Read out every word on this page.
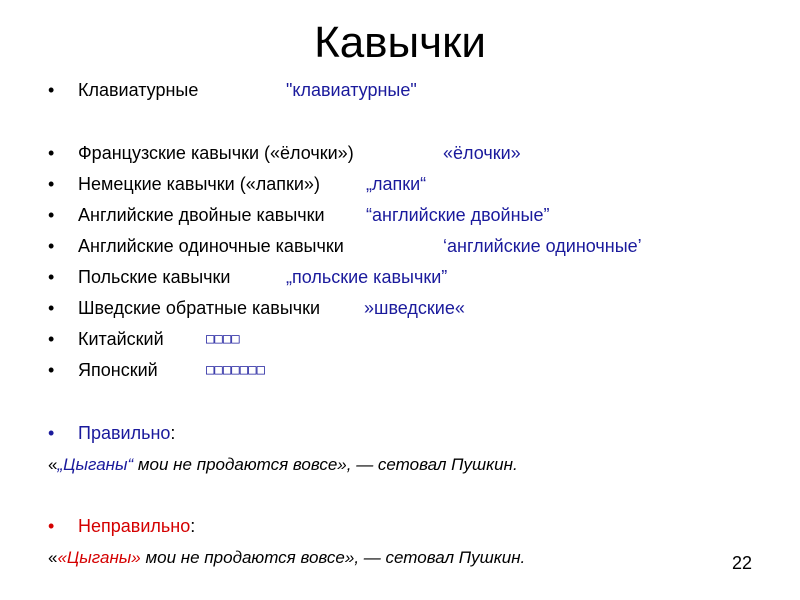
Кавычки
•	Клавиатурные	"клавиатурные"
•	Французские кавычки («ёлочки»)	«ёлочки»
•	Немецкие кавычки («лапки»)	„лапки“
•	Английские двойные кавычки “английские двойные”
•	Английские одиночные кавычки	‘английские одиночные’
•	Польские кавычки	„польские кавычки”
•	Шведские обратные кавычки »шведские«
•	Китайский	□□□□
•	Японский	□□□□□□□
•	Правильно:
«„Цыганы“ мои не продаются вовсе», — сетовал Пушкин.
•	Неправильно:
««Цыганы» мои не продаются вовсе», — сетовал Пушкин.	22
